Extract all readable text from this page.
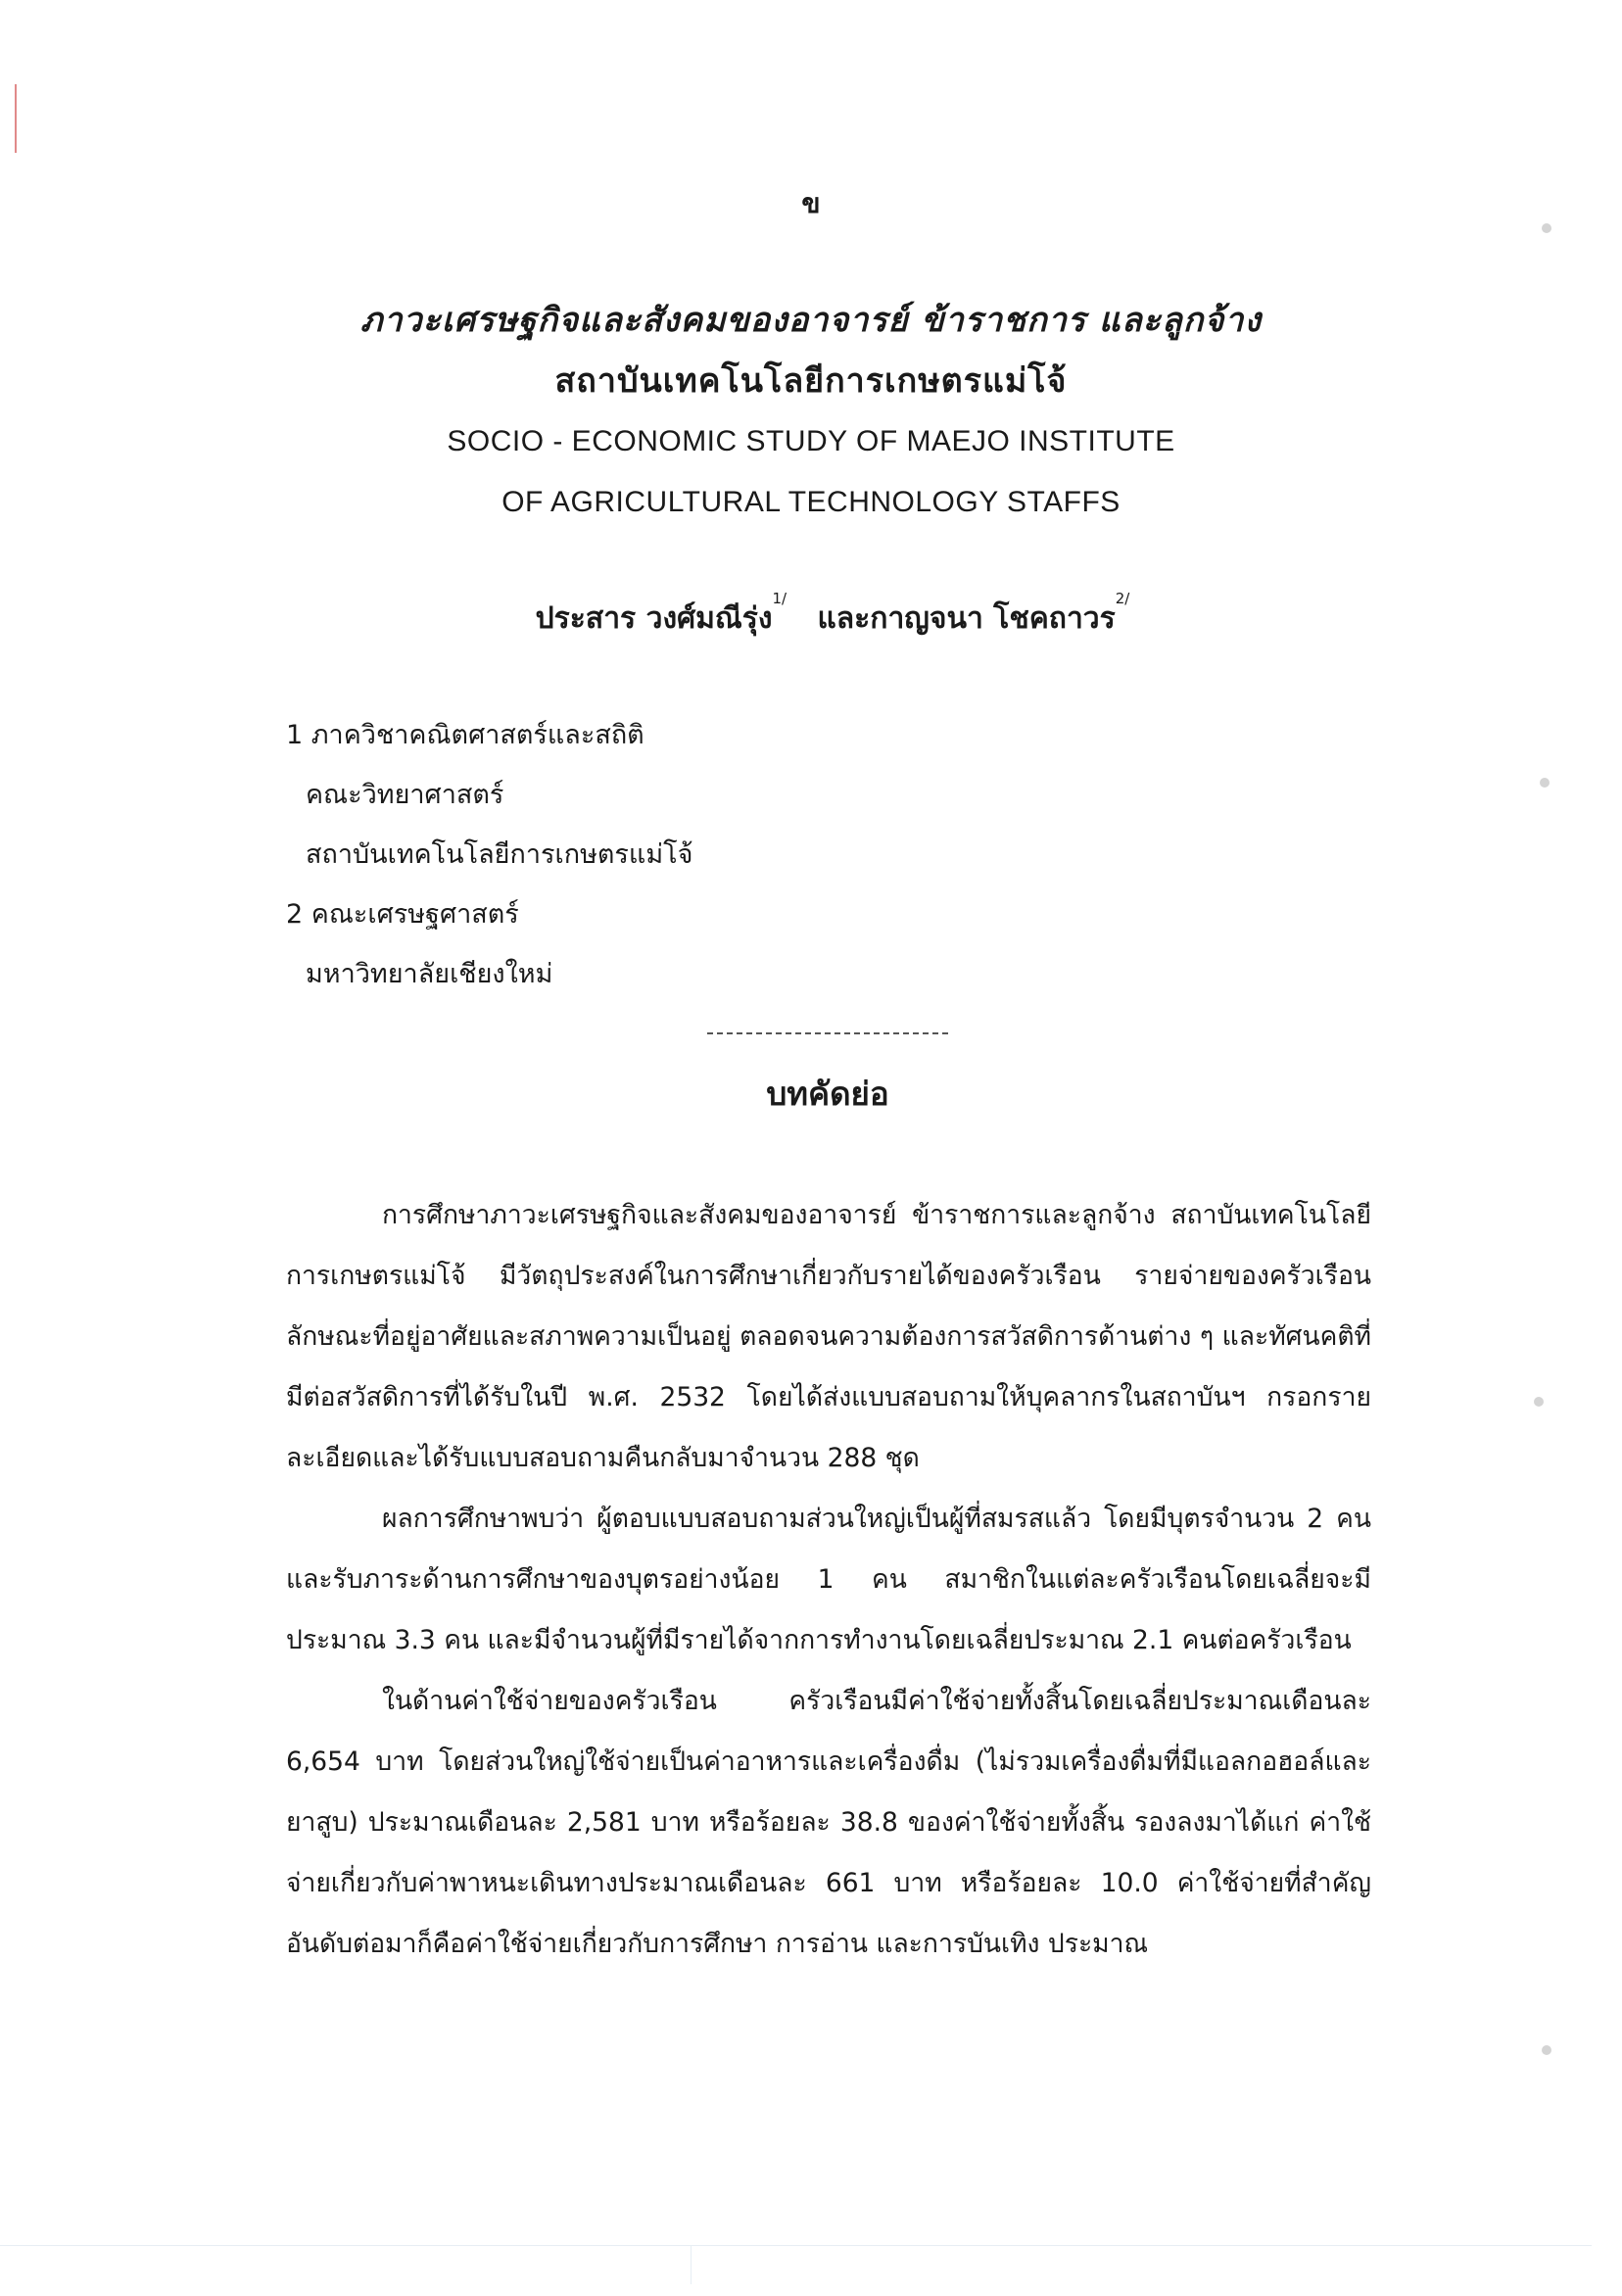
ข
ภาวะเศรษฐกิจและสังคมของอาจารย์ ข้าราชการ และลูกจ้าง
สถาบันเทคโนโลยีการเกษตรแม่โจ้
SOCIO - ECONOMIC STUDY OF MAEJO INSTITUTE
OF AGRICULTURAL TECHNOLOGY STAFFS
ประสาร วงศ์มณีรุ่ง$^{1/}$   และกาญจนา โชคถาวร$^{2/}$
1 ภาควิชาคณิตศาสตร์และสถิติ
คณะวิทยาศาสตร์
สถาบันเทคโนโลยีการเกษตรแม่โจ้
2 คณะเศรษฐศาสตร์
มหาวิทยาลัยเชียงใหม่
บทคัดย่อ

การศึกษาภาวะเศรษฐกิจและสังคมของอาจารย์ ข้าราชการและลูกจ้าง สถาบันเทคโนโลยีการเกษตรแม่โจ้ มีวัตถุประสงค์ในการศึกษาเกี่ยวกับรายได้ของครัวเรือน รายจ่ายของครัวเรือน ลักษณะที่อยู่อาศัยและสภาพความเป็นอยู่ ตลอดจนความต้องการสวัสดิการด้านต่าง ๆ และทัศนคติที่มีต่อสวัสดิการที่ได้รับในปี พ.ศ. 2532 โดยได้ส่งแบบสอบถามให้บุคลากรในสถาบันฯ กรอกรายละเอียดและได้รับแบบสอบถามคืนกลับมาจำนวน 288 ชุด

ผลการศึกษาพบว่า ผู้ตอบแบบสอบถามส่วนใหญ่เป็นผู้ที่สมรสแล้ว โดยมีบุตรจำนวน 2 คน และรับภาระด้านการศึกษาของบุตรอย่างน้อย 1 คน สมาชิกในแต่ละครัวเรือนโดยเฉลี่ยจะมีประมาณ 3.3 คน และมีจำนวนผู้ที่มีรายได้จากการทำงานโดยเฉลี่ยประมาณ 2.1 คนต่อครัวเรือน

ในด้านค่าใช้จ่ายของครัวเรือน ครัวเรือนมีค่าใช้จ่ายทั้งสิ้นโดยเฉลี่ยประมาณเดือนละ 6,654 บาท โดยส่วนใหญ่ใช้จ่ายเป็นค่าอาหารและเครื่องดื่ม (ไม่รวมเครื่องดื่มที่มีแอลกอฮอล์และยาสูบ) ประมาณเดือนละ 2,581 บาท หรือร้อยละ 38.8 ของค่าใช้จ่ายทั้งสิ้น รองลงมาได้แก่ ค่าใช้จ่ายเกี่ยวกับค่าพาหนะเดินทางประมาณเดือนละ 661 บาท หรือร้อยละ 10.0 ค่าใช้จ่ายที่สำคัญอันดับต่อมาก็คือค่าใช้จ่ายเกี่ยวกับการศึกษา การอ่าน และการบันเทิง ประมาณ
